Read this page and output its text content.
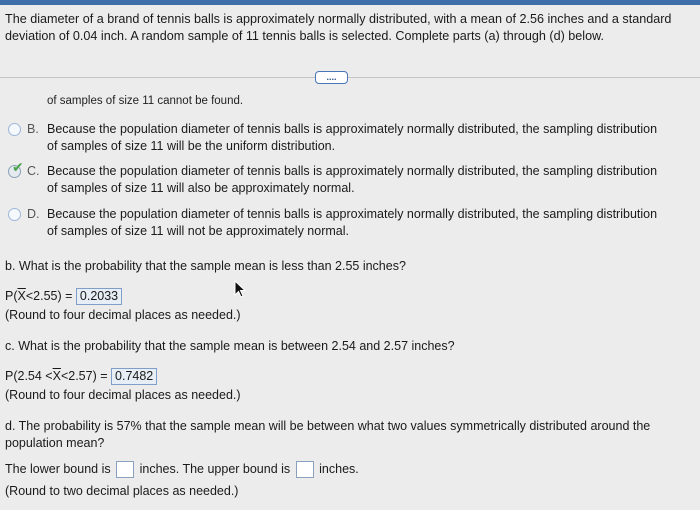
The diameter of a brand of tennis balls is approximately normally distributed, with a mean of 2.56 inches and a standard
deviation of 0.04 inch. A random sample of 11 tennis balls is selected. Complete parts (a) through (d) below.
....
of samples of size 11 cannot be found.
B. Because the population diameter of tennis balls is approximately normally distributed, the sampling distribution
of samples of size 11 will be the uniform distribution.
✔ C. Because the population diameter of tennis balls is approximately normally distributed, the sampling distribution
of samples of size 11 will also be approximately normal.
D. Because the population diameter of tennis balls is approximately normally distributed, the sampling distribution
of samples of size 11 will not be approximately normal.
b. What is the probability that the sample mean is less than 2.55 inches?
$P(\overline{X}<2.55) = 0.2033$
(Round to four decimal places as needed.)
c. What is the probability that the sample mean is between 2.54 and 2.57 inches?
$P(2.54 <\overline{X}<2.57) = 0.7482$
(Round to four decimal places as needed.)
d. The probability is 57% that the sample mean will be between what two values symmetrically distributed around the
population mean?
The lower bound is inches. The upper bound is inches.
(Round to two decimal places as needed.)
